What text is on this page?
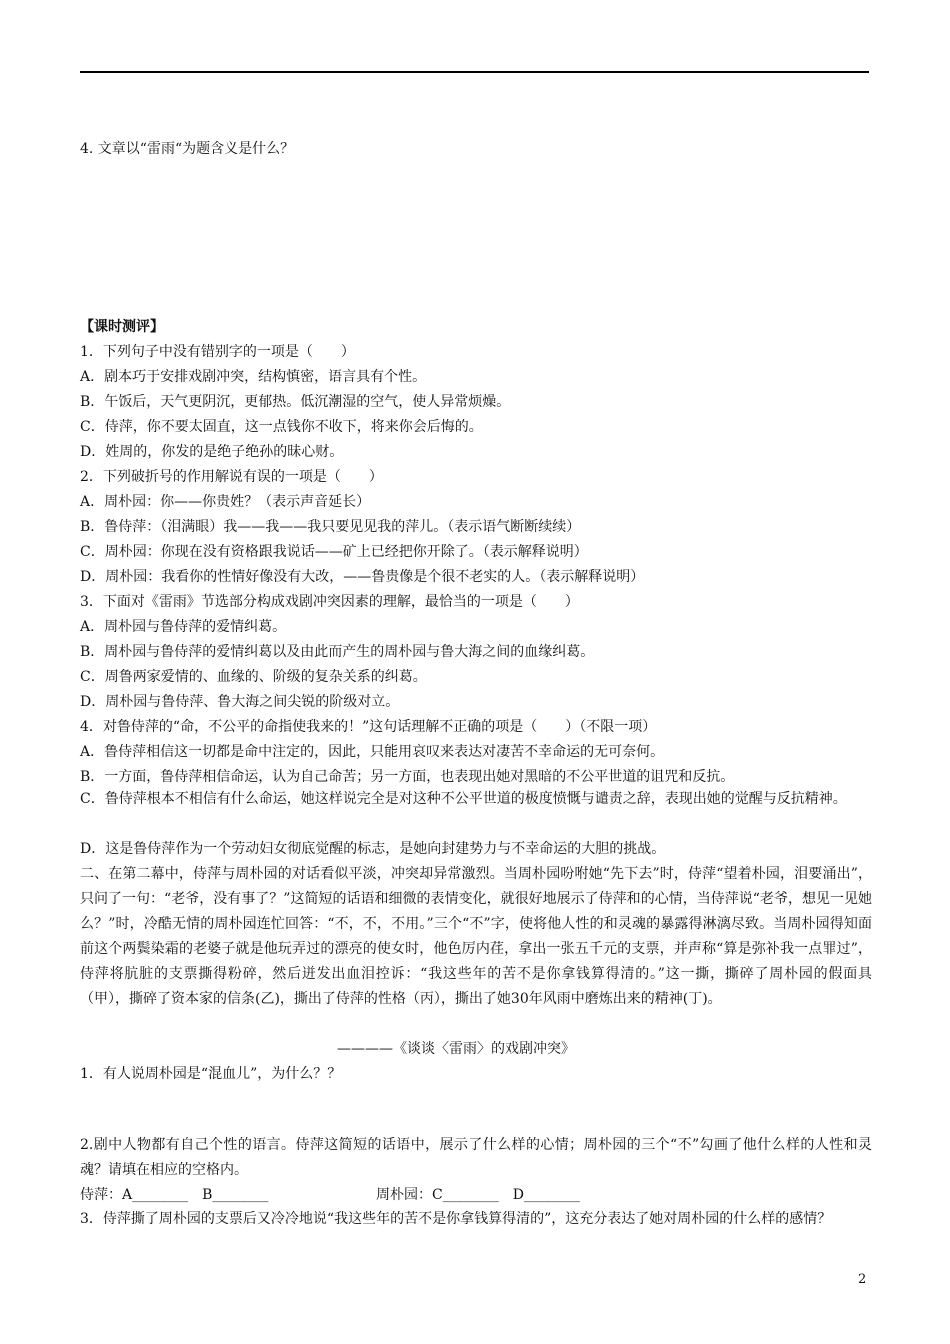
4. 文章以“雷雨“为题含义是什么？
【课时测评】
1．下列句子中没有错别字的一项是（　　）
A．剧本巧于安排戏剧冲突，结构慎密，语言具有个性。
B．午饭后，天气更阴沉，更郁热。低沉潮湿的空气，使人异常烦燥。
C．侍萍，你不要太固直，这一点钱你不收下，将来你会后悔的。
D．姓周的，你发的是绝子绝孙的昧心财。
2．下列破折号的作用解说有误的一项是（　　）
A．周朴园：你——你贵姓？（表示声音延长）
B．鲁侍萍：（泪满眼）我——我——我只要见见我的萍儿。（表示语气断断续续）
C．周朴园：你现在没有资格跟我说话——矿上已经把你开除了。（表示解释说明）
D．周朴园：我看你的性情好像没有大改，——鲁贵像是个很不老实的人。（表示解释说明）
3．下面对《雷雨》节选部分构成戏剧冲突因素的理解，最恰当的一项是（　　）
A．周朴园与鲁侍萍的爱情纠葛。
B．周朴园与鲁侍萍的爱情纠葛以及由此而产生的周朴园与鲁大海之间的血缘纠葛。
C．周鲁两家爱情的、血缘的、阶级的复杂关系的纠葛。
D．周朴园与鲁侍萍、鲁大海之间尖锐的阶级对立。
4．对鲁侍萍的“命，不公平的命指使我来的！”这句话理解不正确的项是（　　）（不限一项）
A．鲁侍萍相信这一切都是命中注定的，因此，只能用哀叹来表达对凄苦不幸命运的无可奈何。
B．一方面，鲁侍萍相信命运，认为自己命苦；另一方面，也表现出她对黑暗的不公平世道的诅咒和反抗。
C．鲁侍萍根本不相信有什么命运，她这样说完全是对这种不公平世道的极度愤慨与谴责之辞，表现出她的觉醒与反抗精神。
D．这是鲁侍萍作为一个劳动妇女彻底觉醒的标志，是她向封建势力与不幸命运的大胆的挑战。
二、在第二幕中，侍萍与周朴园的对话看似平淡，冲突却异常激烈。当周朴园吩咐她“先下去”时，侍萍“望着朴园，泪要涌出”，只问了一句：“老爷，没有事了？”这简短的话语和细微的表情变化，就很好地展示了侍萍和的心情，当侍萍说“老爷，想见一见她么？”时，冷酷无情的周朴园连忙回答：“不，不，不用。”三个“不”字，使将他人性的和灵魂的暴露得淋漓尽致。当周朴园得知面前这个两鬓染霜的老婆子就是他玩弄过的漂亮的使女时，他色厉内荏，拿出一张五千元的支票，并声称“算是弥补我一点罪过”，侍萍将肮脏的支票撕得粉碎，然后迸发出血泪控诉：“我这些年的苦不是你拿钱算得清的。”这一撕，撕碎了周朴园的假面具（甲），撕碎了资本家的信条(乙)，撕出了侍萍的性格（丙），撕出了她30年风雨中磨炼出来的精神(丁)。
————《谈谈〈雷雨〉的戏剧冲突》
1．有人说周朴园是“混血儿”，为什么？？
2.剧中人物都有自己个性的语言。侍萍这简短的话语中，展示了什么样的心情；周朴园的三个“不”勾画了他什么样的人性和灵魂？请填在相应的空格内。
侍萍：A________　B________	周朴园：C________　D________
3．侍萍撕了周朴园的支票后又冷冷地说“我这些年的苦不是你拿钱算得清的”，这充分表达了她对周朴园的什么样的感情？
2
